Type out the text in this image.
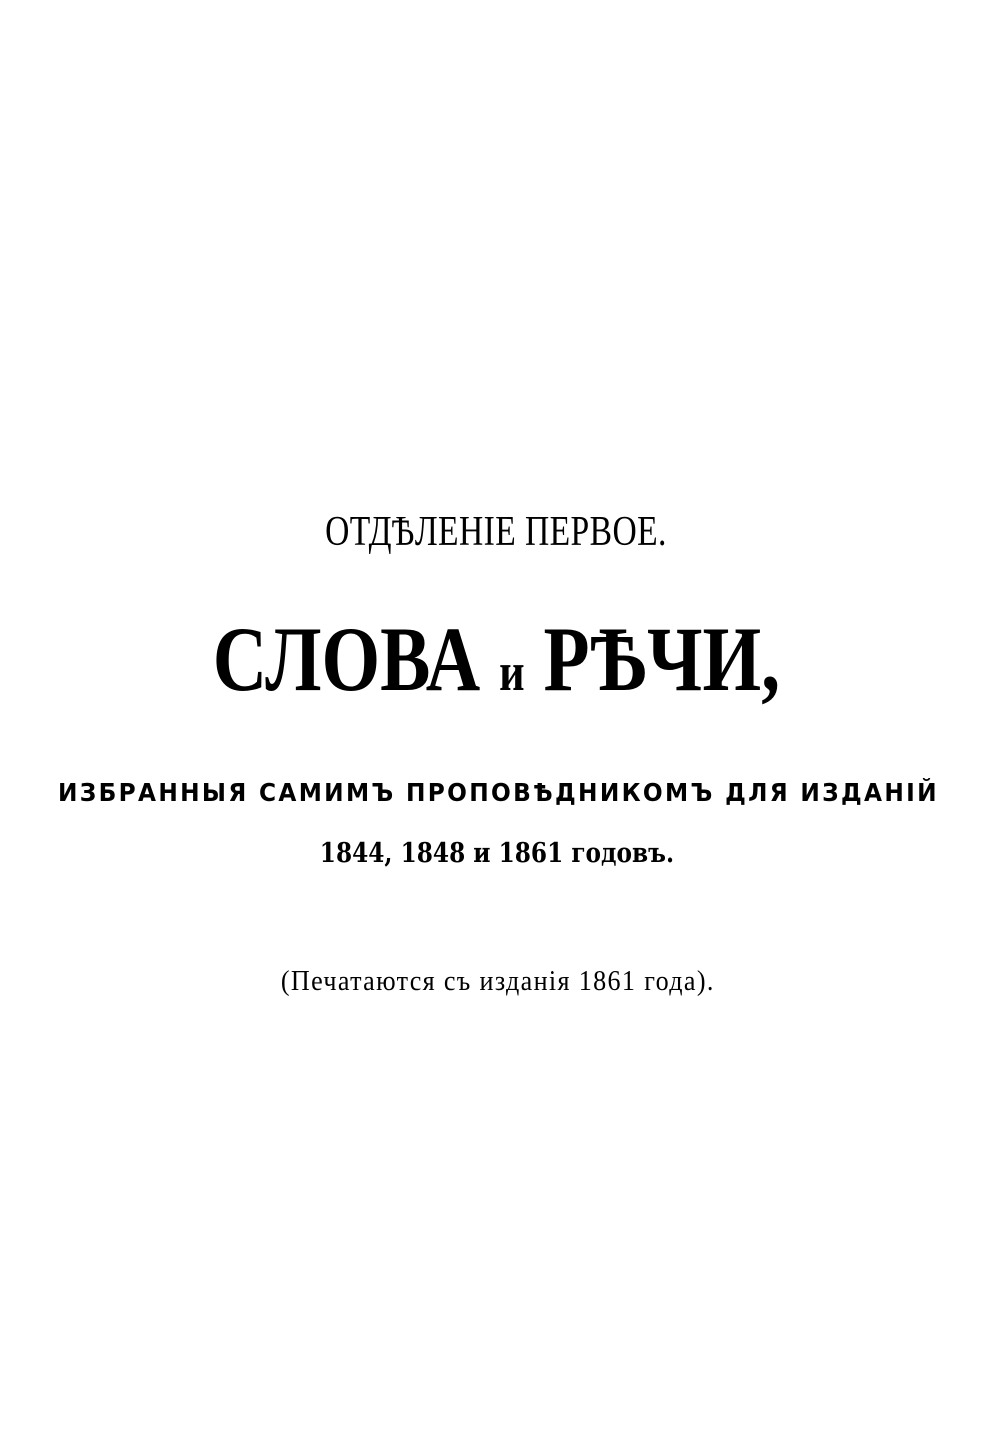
ОТДѢЛЕНІЕ ПЕРВОЕ.
СЛОВА и РѢЧИ,
ИЗБРАННЫЯ САМИМЪ ПРОПОВѢДНИКОМЪ ДЛЯ ИЗДАНІЙ
1844, 1848 и 1861 годовъ.
(Печатаются съ изданія 1861 года).
